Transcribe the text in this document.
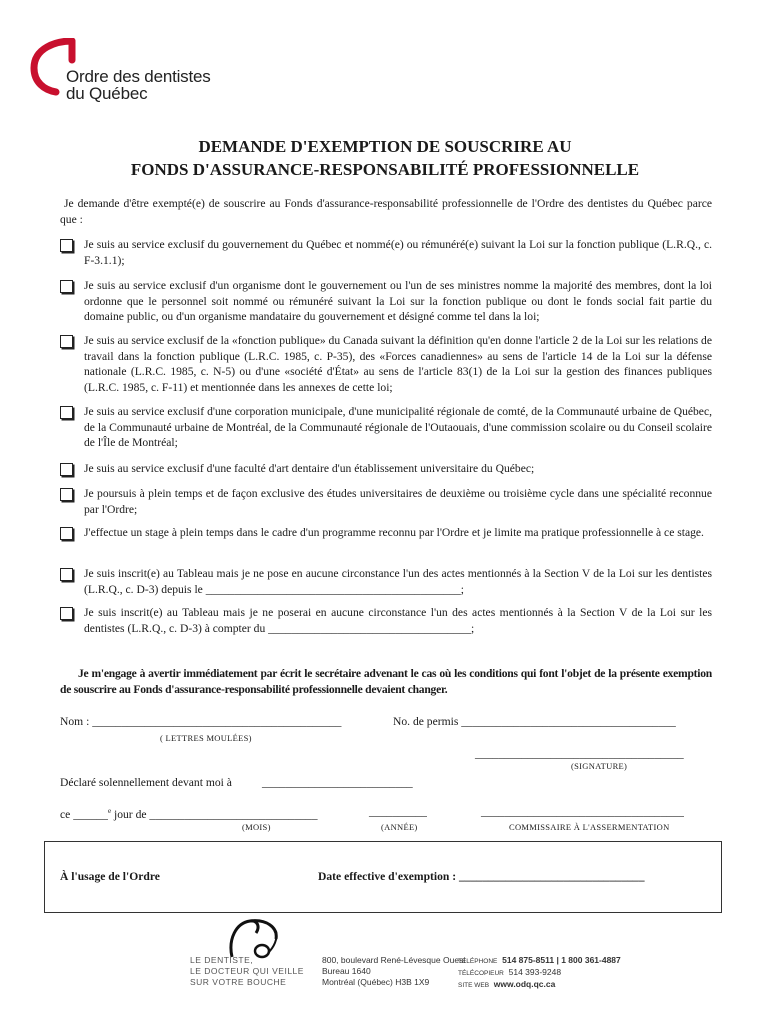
Ordre des dentistes
du Québec
DEMANDE D'EXEMPTION DE SOUSCRIRE AU
FONDS D'ASSURANCE-RESPONSABILITÉ PROFESSIONNELLE
Je demande d'être exempté(e) de souscrire au Fonds d'assurance-responsabilité professionnelle de l'Ordre des dentistes du Québec parce que :
Je suis au service exclusif du gouvernement du Québec et nommé(e) ou rémunéré(e) suivant la Loi sur la fonction publique (L.R.Q., c. F-3.1.1);
Je suis au service exclusif d'un organisme dont le gouvernement ou l'un de ses ministres nomme la majorité des membres, dont la loi ordonne que le personnel soit nommé ou rémunéré suivant la Loi sur la fonction publique ou dont le fonds social fait partie du domaine public, ou d'un organisme mandataire du gouvernement et désigné comme tel dans la loi;
Je suis au service exclusif de la «fonction publique» du Canada suivant la définition qu'en donne l'article 2 de la Loi sur les relations de travail dans la fonction publique (L.R.C. 1985, c. P-35), des «Forces canadiennes» au sens de l'article 14 de la Loi sur la défense nationale (L.R.C. 1985, c. N-5) ou d'une «société d'État» au sens de l'article 83(1) de la Loi sur la gestion des finances publiques (L.R.C. 1985, c. F-11) et mentionnée dans les annexes de cette loi;
Je suis au service exclusif d'une corporation municipale, d'une municipalité régionale de comté, de la Communauté urbaine de Québec, de la Communauté urbaine de Montréal, de la Communauté régionale de l'Outaouais, d'une commission scolaire ou du Conseil scolaire de l'Île de Montréal;
Je suis au service exclusif d'une faculté d'art dentaire d'un établissement universitaire du Québec;
Je poursuis à plein temps et de façon exclusive des études universitaires de deuxième ou troisième cycle dans une spécialité reconnue par l'Ordre;
J'effectue un stage à plein temps dans le cadre d'un programme reconnu par l'Ordre et je limite ma pratique professionnelle à ce stage.
Je suis inscrit(e) au Tableau mais je ne pose en aucune circonstance l'un des actes mentionnés à la Section V de la Loi sur les dentistes (L.R.Q., c. D-3) depuis le ____________________________________________;
Je suis inscrit(e) au Tableau mais je ne poserai en aucune circonstance l'un des actes mentionnés à la Section V de la Loi sur les dentistes (L.R.Q., c. D-3) à compter du ___________________________________;
Je m'engage à avertir immédiatement par écrit le secrétaire advenant le cas où les conditions qui font l'objet de la présente exemption de souscrire au Fonds d'assurance-responsabilité professionnelle devaient changer.
Nom : ___________________________________________	No. de permis _____________________________________
( LETTRES MOULÉES)
____________________________________
(SIGNATURE)
Déclaré solennellement devant moi à	__________________________
ce ______$^e$ jour de _____________________________	__________	___________________________________
(MOIS)	(ANNÉE)	COMMISSAIRE À L'ASSERMENTATION
À l'usage de l'Ordre	Date effective d'exemption : ________________________________
LE DENTISTE,
LE DOCTEUR QUI VEILLE
SUR VOTRE BOUCHE
800, boulevard René-Lévesque Ouest
Bureau 1640
Montréal (Québec) H3B 1X9
TÉLÉPHONE 514 875-8511 | 1 800 361-4887
TÉLÉCOPIEUR 514 393-9248
SITE WEB www.odq.qc.ca
